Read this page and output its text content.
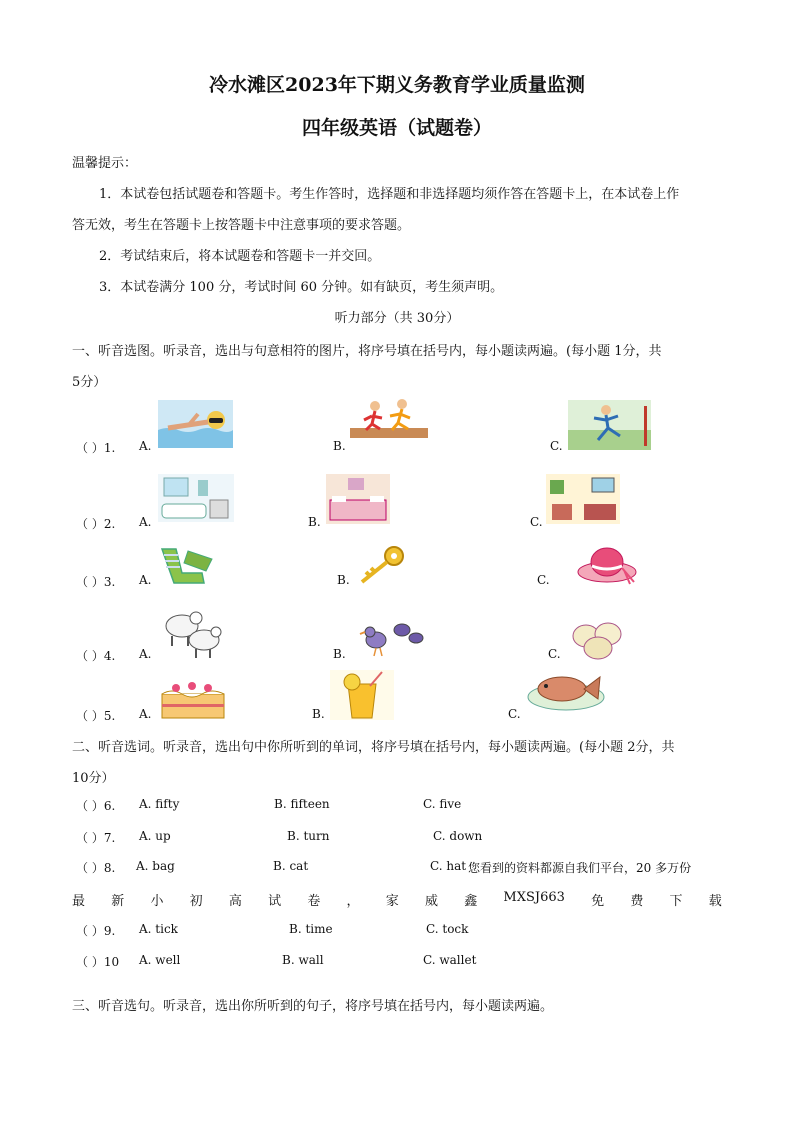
冷水滩区2023年下期义务教育学业质量监测
四年级英语（试题卷）
温馨提示：
1．本试卷包括试题卷和答题卡。考生作答时，选择题和非选择题均须作答在答题卡上，在本试卷上作
答无效，考生在答题卡上按答题卡中注意事项的要求答题。
2．考试结束后，将本试题卷和答题卡一并交回。
3．本试卷满分 100 分，考试时间 60 分钟。如有缺页，考生须声明。
听力部分（共 30分）
一、听音选图。听录音，选出与句意相符的图片，将序号填在括号内，每小题读两遍。(每小题 1分，共
5分）
（ ）1. A.	B.	C.
（ ）2. A.	B.	C.
（ ）3. A.	B.	C.
（ ）4. A.	B.	C.
（ ）5. A.	B.	C.
二、听音选词。听录音，选出句中你所听到的单词，将序号填在括号内，每小题读两遍。(每小题 2分，共
10分）
（ ）6. A. fifty	B. fifteen	C. five
（ ）7. A. up	B. turn	C. down
（ ）8. A. bag	B. cat	C. hat 您看到的资料都源自我们平台，20 多万份
最 新 小 初 高 试 卷 ， 家 威 鑫 MXSJ663 免 费 下 载
（ ）9. A. tick	B. time	C. tock
（ ）10 A. well	B. wall	C. wallet
三、听音选句。听录音，选出你所听到的句子，将序号填在括号内，每小题读两遍。
